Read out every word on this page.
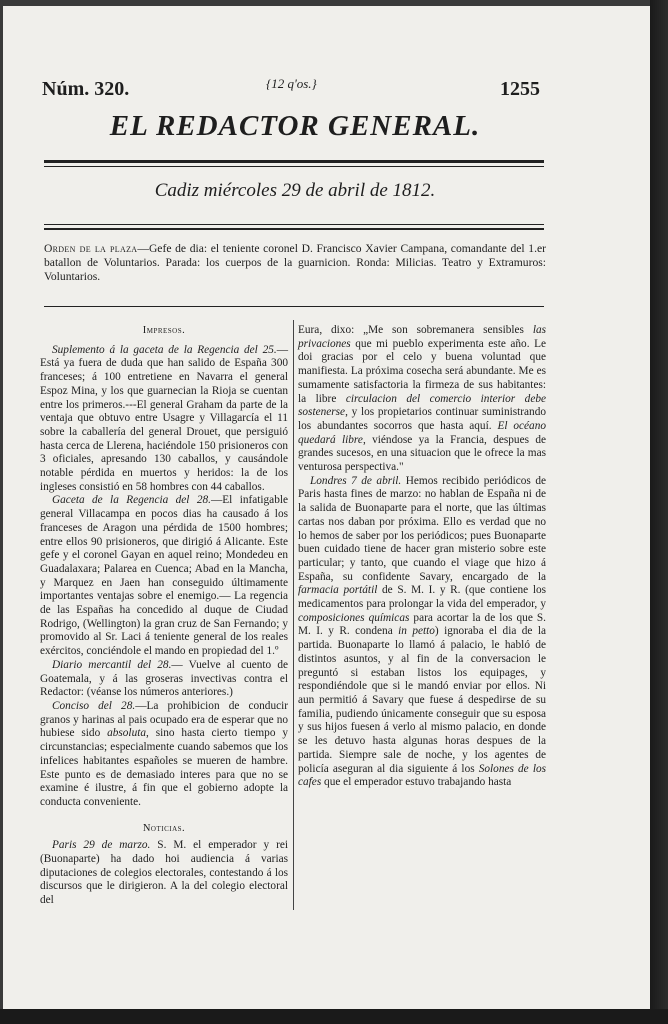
Núm. 320.	{12 q'os.}	1255
EL REDACTOR GENERAL.
Cadiz miércoles 29 de abril de 1812.
Orden de la plaza—Gefe de dia: el teniente coronel D. Francisco Xavier Campana, comandante del 1.er batallon de Voluntarios. Parada: los cuerpos de la guarnicion. Ronda: Milicias. Teatro y Extramuros: Voluntarios.
Impresos.

Suplemento á la gaceta de la Regencia del 25.—Está ya fuera de duda que han salido de España 300 franceses; á 100 entretiene en Navarra el general Espoz Mina, y los que guarnecian la Rioja se cuentan entre los primeros.---El general Graham da parte de la ventaja que obtuvo entre Usagre y Villagarcía el 11 sobre la caballería del general Drouet, que persiguió hasta cerca de Llerena, haciéndole 150 prisioneros con 3 oficiales, apresando 130 caballos, y causándole notable pérdida en muertos y heridos: la de los ingleses consistió en 58 hombres con 44 caballos.

Gaceta de la Regencia del 28.—El infatigable general Villacampa en pocos dias ha causado á los franceses de Aragon una pérdida de 1500 hombres; entre ellos 90 prisioneros, que dirigió á Alicante. Este gefe y el coronel Gayan en aquel reino; Mondedeu en Guadalaxara; Palarea en Cuenca; Abad en la Mancha, y Marquez en Jaen han conseguido últimamente importantes ventajas sobre el enemigo.— La regencia de las Españas ha concedido al duque de Ciudad Rodrigo, (Wellington) la gran cruz de San Fernando; y promovido al Sr. Laci á teniente general de los reales exércitos, conciéndole el mando en propiedad del 1.º

Diario mercantil del 28.— Vuelve al cuento de Goatemala, y á las groseras invectivas contra el Redactor: (véanse los números anteriores.)

Conciso del 28.—La prohibicion de conducir granos y harinas al pais ocupado era de esperar que no hubiese sido absoluta, sino hasta cierto tiempo y circunstancias; especialmente cuando sabemos que los infelices habitantes españoles se mueren de hambre. Este punto es de demasiado interes para que no se examine é ilustre, á fin que el gobierno adopte la conducta conveniente.

Noticias.

Paris 29 de marzo. S. M. el emperador y rei (Buonaparte) ha dado hoi audiencia á varias diputaciones de colegios electorales, contestando á los discursos que le dirigieron. A la del colegio electoral del

Eura, dixo: „Me son sobremanera sensibles las privaciones que mi pueblo experimenta este año. Le doi gracias por el celo y buena voluntad que manifiesta. La próxima cosecha será abundante. Me es sumamente satisfactoria la firmeza de sus habitantes: la libre circulacion del comercio interior debe sostenerse, y los propietarios continuar suministrando los abundantes socorros que hasta aquí. El océano quedará libre, viéndose ya la Francia, despues de grandes sucesos, en una situacion que le ofrece la mas venturosa perspectiva."

Londres 7 de abril. Hemos recibido periódicos de Paris hasta fines de marzo: no hablan de España ni de la salida de Buonaparte para el norte, que las últimas cartas nos daban por próxima. Ello es verdad que no lo hemos de saber por los periódicos; pues Buonaparte buen cuidado tiene de hacer gran misterio sobre este particular; y tanto, que cuando el viage que hizo á España, su confidente Savary, encargado de la farmacia portátil de S. M. I. y R. (que contiene los medicamentos para prolongar la vida del emperador, y composiciones químicas para acortar la de los que S. M. I. y R. condena in petto) ignoraba el dia de la partida. Buonaparte lo llamó á palacio, le habló de distintos asuntos, y al fin de la conversacion le preguntó si estaban listos los equipages, y respondiéndole que si le mandó enviar por ellos. Ni aun permitió á Savary que fuese á despedirse de su familia, pudiendo únicamente conseguir que su esposa y sus hijos fuesen á verlo al mismo palacio, en donde se les detuvo hasta algunas horas despues de la partida. Siempre sale de noche, y los agentes de policía aseguran al dia siguiente á los Solones de los cafes que el emperador estuvo trabajando hasta
